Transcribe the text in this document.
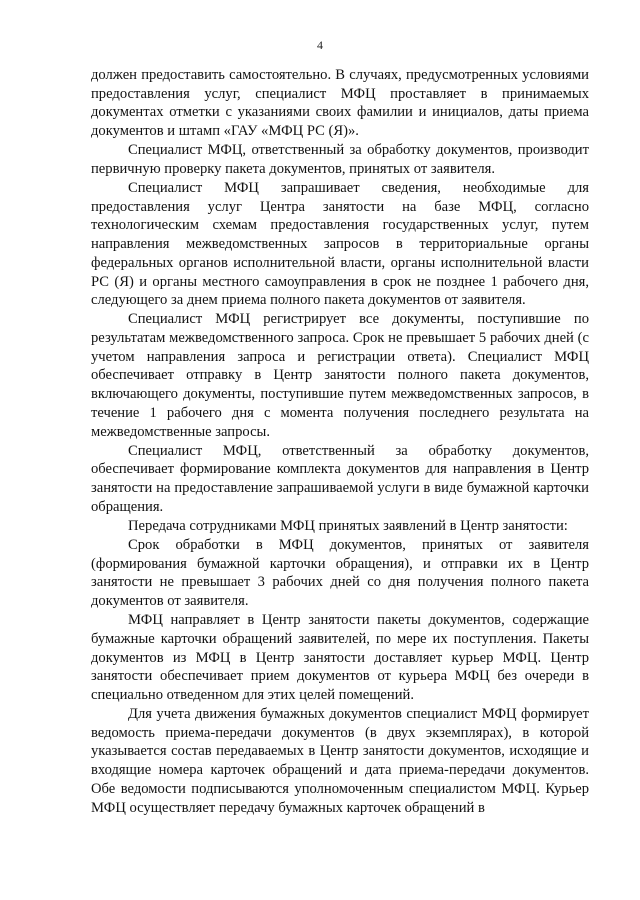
4

должен предоставить самостоятельно. В случаях, предусмотренных условиями предоставления услуг, специалист МФЦ проставляет в принимаемых документах отметки с указаниями своих фамилии и инициалов, даты приема документов и штамп «ГАУ «МФЦ РС (Я)».

Специалист МФЦ, ответственный за обработку документов, производит первичную проверку пакета документов, принятых от заявителя.

Специалист МФЦ запрашивает сведения, необходимые для предоставления услуг Центра занятости на базе МФЦ, согласно технологическим схемам предоставления государственных услуг, путем направления межведомственных запросов в территориальные органы федеральных органов исполнительной власти, органы исполнительной власти РС (Я) и органы местного самоуправления в срок не позднее 1 рабочего дня, следующего за днем приема полного пакета документов от заявителя.

Специалист МФЦ регистрирует все документы, поступившие по результатам межведомственного запроса. Срок не превышает 5 рабочих дней (с учетом направления запроса и регистрации ответа). Специалист МФЦ обеспечивает отправку в Центр занятости полного пакета документов, включающего документы, поступившие путем межведомственных запросов, в течение 1 рабочего дня с момента получения последнего результата на межведомственные запросы.

Специалист МФЦ, ответственный за обработку документов, обеспечивает формирование комплекта документов для направления в Центр занятости на предоставление запрашиваемой услуги в виде бумажной карточки обращения.

Передача сотрудниками МФЦ принятых заявлений в Центр занятости:

Срок обработки в МФЦ документов, принятых от заявителя (формирования бумажной карточки обращения), и отправки их в Центр занятости не превышает 3 рабочих дней со дня получения полного пакета документов от заявителя.

МФЦ направляет в Центр занятости пакеты документов, содержащие бумажные карточки обращений заявителей, по мере их поступления. Пакеты документов из МФЦ в Центр занятости доставляет курьер МФЦ. Центр занятости обеспечивает прием документов от курьера МФЦ без очереди в специально отведенном для этих целей помещений.

Для учета движения бумажных документов специалист МФЦ формирует ведомость приема-передачи документов (в двух экземплярах), в которой указывается состав передаваемых в Центр занятости документов, исходящие и входящие номера карточек обращений и дата приема-передачи документов. Обе ведомости подписываются уполномоченным специалистом МФЦ. Курьер МФЦ осуществляет передачу бумажных карточек обращений в
